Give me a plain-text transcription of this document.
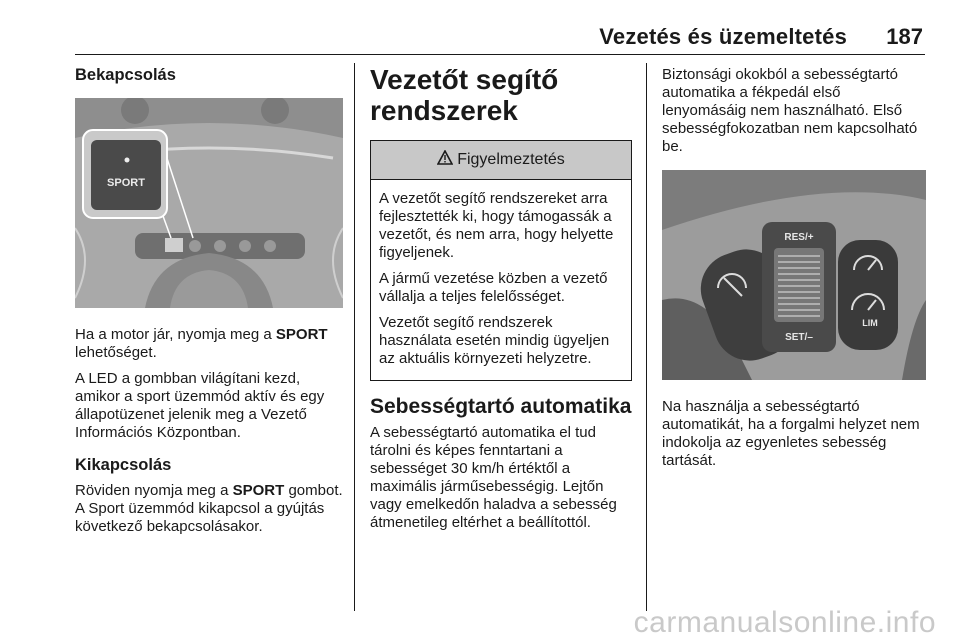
Vezetés és üzemeltetés 187
Bekapcsolás
SPORT

Ha a motor jár, nyomja meg a SPORT lehetőséget.

A LED a gombban világítani kezd, amikor a sport üzemmód aktív és egy állapotüzenet jelenik meg a Vezető Információs Központban.

Kikapcsolás

Röviden nyomja meg a SPORT gombot. A Sport üzemmód kikapcsol a gyújtás következő bekapcsolásakor.

Vezetőt segítő rendszerek
Figyelmeztetés

A vezetőt segítő rendszereket arra fejlesztették ki, hogy támogassák a vezetőt, és nem arra, hogy helyette figyeljenek.

A jármű vezetése közben a vezető vállalja a teljes felelősséget.

Vezetőt segítő rendszerek használata esetén mindig ügyeljen az aktuális környezeti helyzetre.

Sebességtartó automatika

A sebességtartó automatika el tud tárolni és képes fenntartani a sebességet 30 km/h értéktől a maximális járműsebességig. Lejtőn vagy emelkedőn haladva a sebesség átmenetileg eltérhet a beállítottól.

Biztonsági okokból a sebességtartó automatika a fékpedál első lenyomásáig nem használható. Első sebességfokozatban nem kapcsolható be.

RES/+
SET/–
LIM

Na használja a sebességtartó automatikát, ha a forgalmi helyzet nem indokolja az egyenletes sebesség tartását.

carmanualsonline.info
